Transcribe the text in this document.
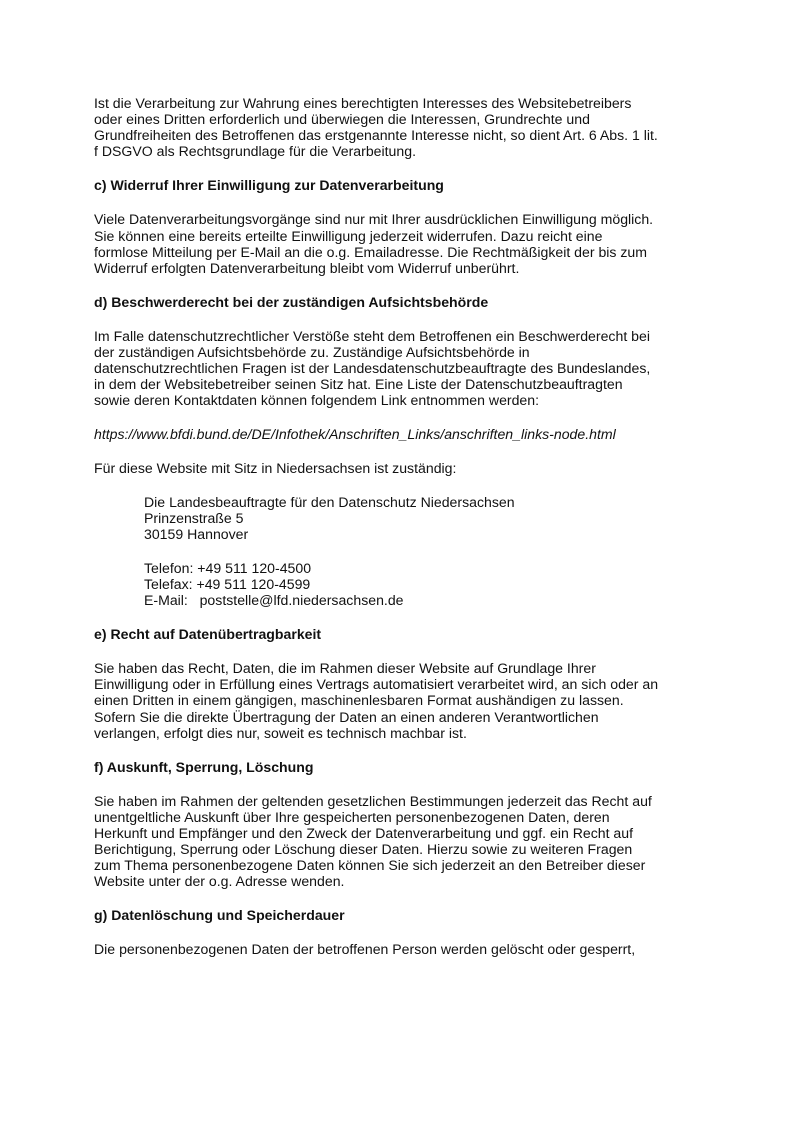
Ist die Verarbeitung zur Wahrung eines berechtigten Interesses des Websitebetreibers
oder eines Dritten erforderlich und überwiegen die Interessen, Grundrechte und
Grundfreiheiten des Betroffenen das erstgenannte Interesse nicht, so dient Art. 6 Abs. 1 lit.
f DSGVO als Rechtsgrundlage für die Verarbeitung.

c) Widerruf Ihrer Einwilligung zur Datenverarbeitung

Viele Datenverarbeitungsvorgänge sind nur mit Ihrer ausdrücklichen Einwilligung möglich.
Sie können eine bereits erteilte Einwilligung jederzeit widerrufen. Dazu reicht eine
formlose Mitteilung per E-Mail an die o.g. Emailadresse. Die Rechtmäßigkeit der bis zum
Widerruf erfolgten Datenverarbeitung bleibt vom Widerruf unberührt.

d) Beschwerderecht bei der zuständigen Aufsichtsbehörde

Im Falle datenschutzrechtlicher Verstöße steht dem Betroffenen ein Beschwerderecht bei
der zuständigen Aufsichtsbehörde zu. Zuständige Aufsichtsbehörde in
datenschutzrechtlichen Fragen ist der Landesdatenschutzbeauftragte des Bundeslandes,
in dem der Websitebetreiber seinen Sitz hat. Eine Liste der Datenschutzbeauftragten
sowie deren Kontaktdaten können folgendem Link entnommen werden:

https://www.bfdi.bund.de/DE/Infothek/Anschriften_Links/anschriften_links-node.html

Für diese Website mit Sitz in Niedersachsen ist zuständig:

Die Landesbeauftragte für den Datenschutz Niedersachsen
Prinzenstraße 5
30159 Hannover

Telefon: +49 511 120-4500
Telefax: +49 511 120-4599
E-Mail:   poststelle@lfd.niedersachsen.de

e) Recht auf Datenübertragbarkeit

Sie haben das Recht, Daten, die im Rahmen dieser Website auf Grundlage Ihrer
Einwilligung oder in Erfüllung eines Vertrags automatisiert verarbeitet wird, an sich oder an
einen Dritten in einem gängigen, maschinenlesbaren Format aushändigen zu lassen.
Sofern Sie die direkte Übertragung der Daten an einen anderen Verantwortlichen
verlangen, erfolgt dies nur, soweit es technisch machbar ist.

f) Auskunft, Sperrung, Löschung

Sie haben im Rahmen der geltenden gesetzlichen Bestimmungen jederzeit das Recht auf
unentgeltliche Auskunft über Ihre gespeicherten personenbezogenen Daten, deren
Herkunft und Empfänger und den Zweck der Datenverarbeitung und ggf. ein Recht auf
Berichtigung, Sperrung oder Löschung dieser Daten. Hierzu sowie zu weiteren Fragen
zum Thema personenbezogene Daten können Sie sich jederzeit an den Betreiber dieser
Website unter der o.g. Adresse wenden.

g) Datenlöschung und Speicherdauer

Die personenbezogenen Daten der betroffenen Person werden gelöscht oder gesperrt,
